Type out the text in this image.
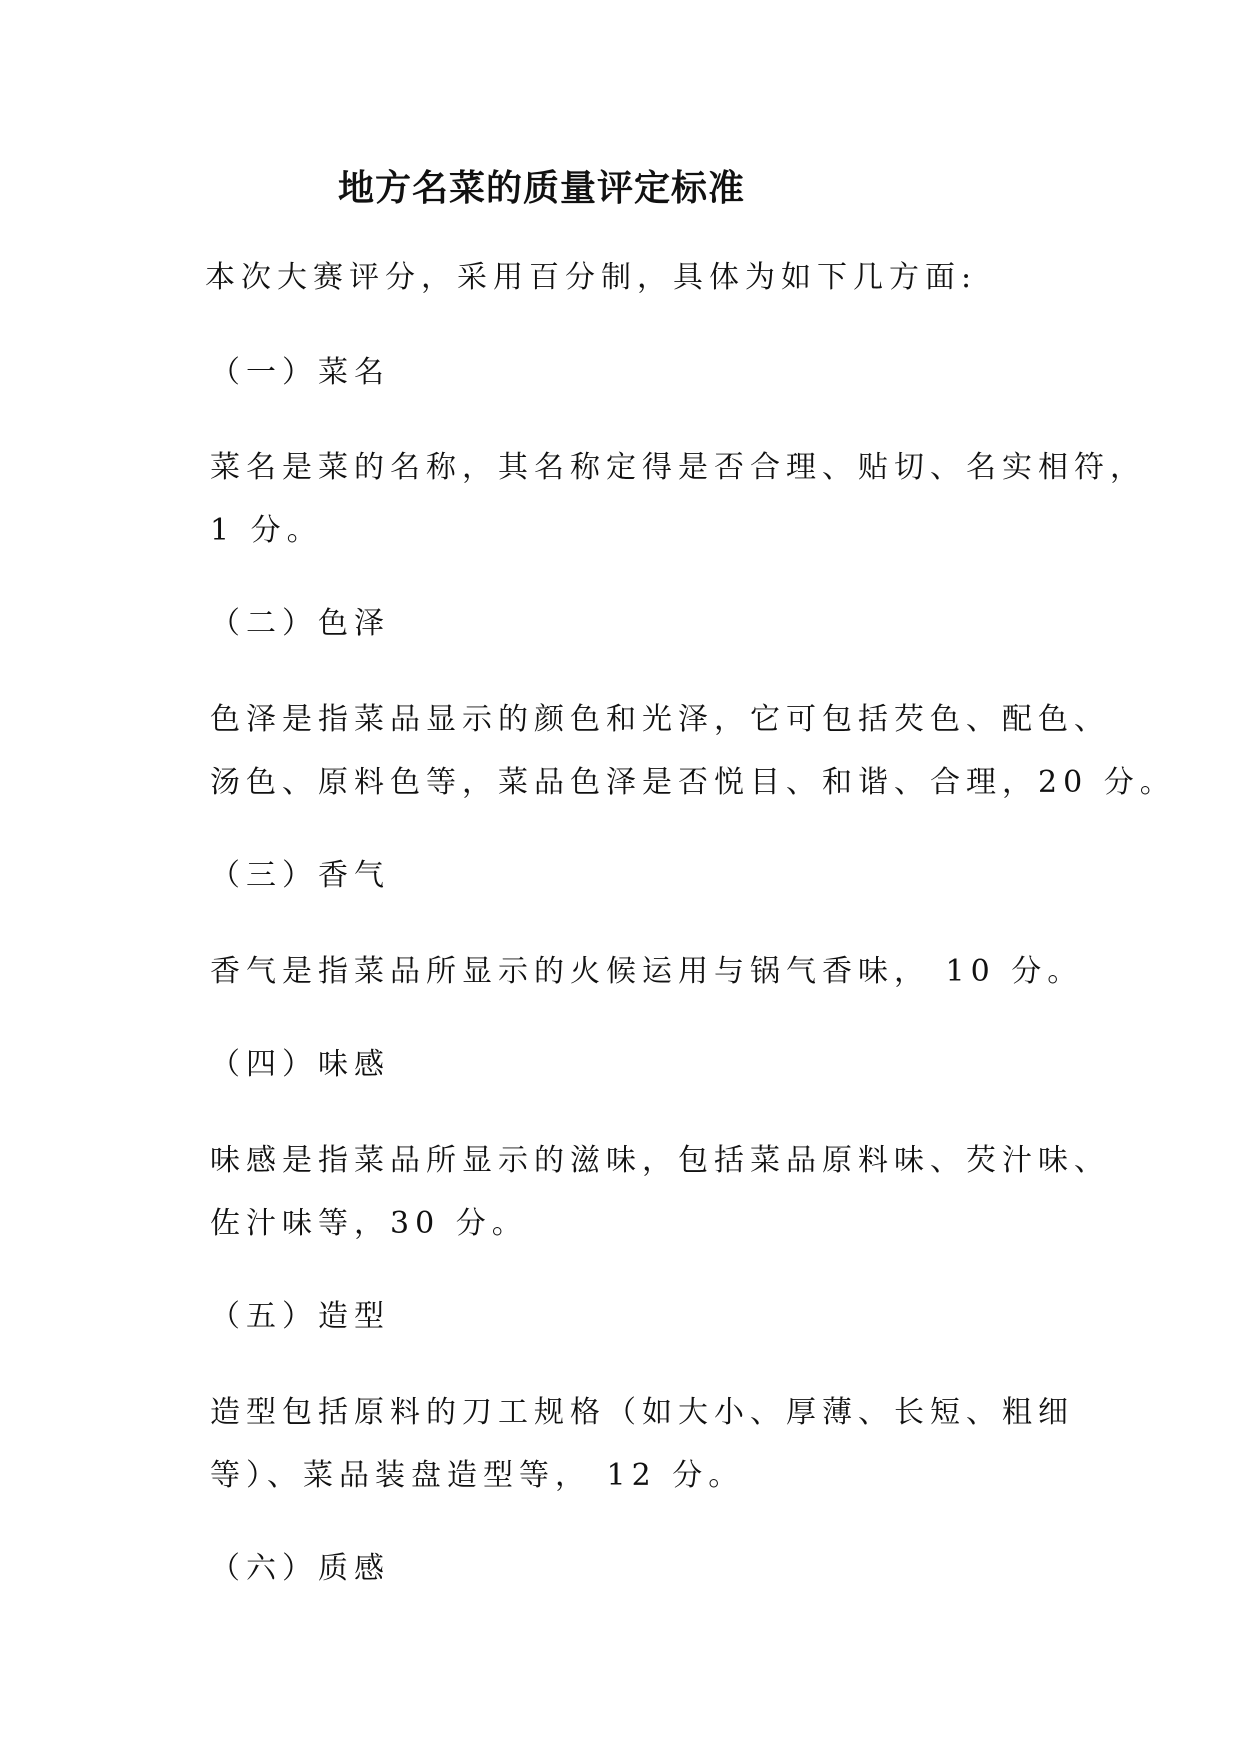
地方名菜的质量评定标准
本次大赛评分，采用百分制，具体为如下几方面:
（一）菜名
菜名是菜的名称，其名称定得是否合理、贴切、名实相符，
1 分。
（二）色泽
色泽是指菜品显示的颜色和光泽，它可包括芡色、配色、
汤色、原料色等，菜品色泽是否悦目、和谐、合理，20 分。
（三）香气
香气是指菜品所显示的火候运用与锅气香味， 10 分。
（四）味感
味感是指菜品所显示的滋味，包括菜品原料味、芡汁味、
佐汁味等，30 分。
（五）造型
造型包括原料的刀工规格（如大小、厚薄、长短、粗细
等）、菜品装盘造型等， 12 分。
（六）质感
